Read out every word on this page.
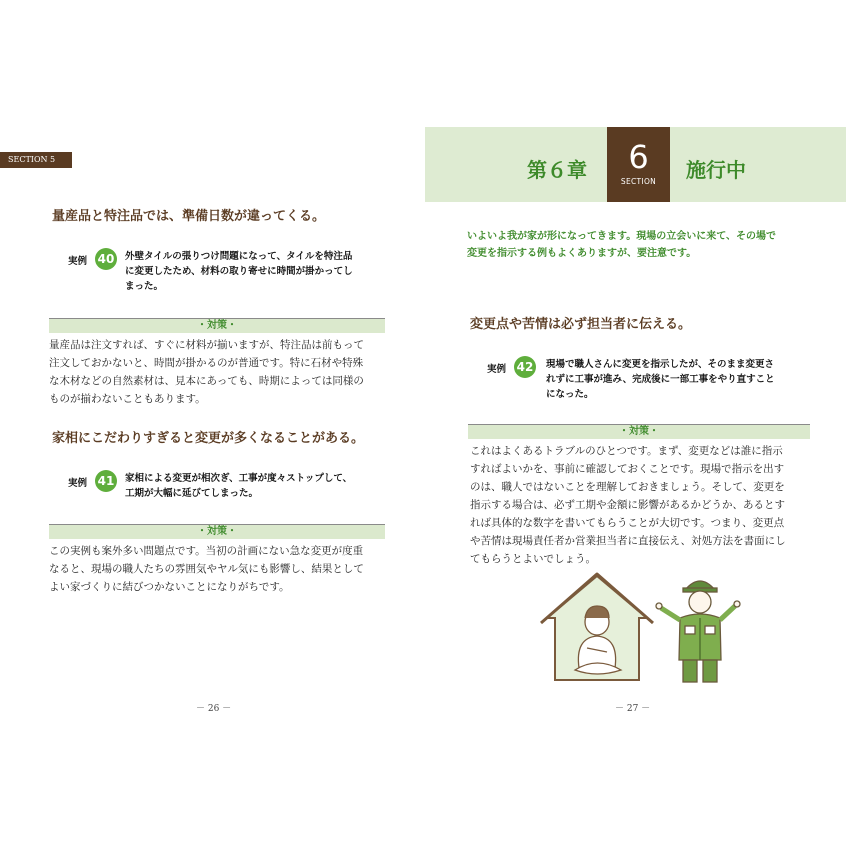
SECTION 5
量産品と特注品では、準備日数が違ってくる。
実例 40 外壁タイルの張りつけ問題になって、タイルを特注品
に変更したため、材料の取り寄せに時間が掛かってし
まった。
・対策・
量産品は注文すれば、すぐに材料が揃いますが、特注品は前もって
注文しておかないと、時間が掛かるのが普通です。特に石材や特殊
な木材などの自然素材は、見本にあっても、時期によっては同様の
ものが揃わないこともあります。
家相にこだわりすぎると変更が多くなることがある。
実例 41 家相による変更が相次ぎ、工事が度々ストップして、
工期が大幅に延びてしまった。
・対策・
この実例も案外多い問題点です。当初の計画にない急な変更が度重
なると、現場の職人たちの雰囲気やヤル気にも影響し、結果として
よい家づくりに結びつかないことになりがちです。
－ 26 －
第６章	6
SECTION	施行中
いよいよ我が家が形になってきます。現場の立会いに来て、その場で
変更を指示する例もよくありますが、要注意です。
変更点や苦情は必ず担当者に伝える。
実例 42 現場で職人さんに変更を指示したが、そのまま変更さ
れずに工事が進み、完成後に一部工事をやり直すこと
になった。
・対策・
これはよくあるトラブルのひとつです。まず、変更などは誰に指示
すればよいかを、事前に確認しておくことです。現場で指示を出す
のは、職人ではないことを理解しておきましょう。そして、変更を
指示する場合は、必ず工期や金額に影響があるかどうか、あるとす
れば具体的な数字を書いてもらうことが大切です。つまり、変更点
や苦情は現場責任者か営業担当者に直接伝え、対処方法を書面にし
てもらうとよいでしょう。
－ 27 －
